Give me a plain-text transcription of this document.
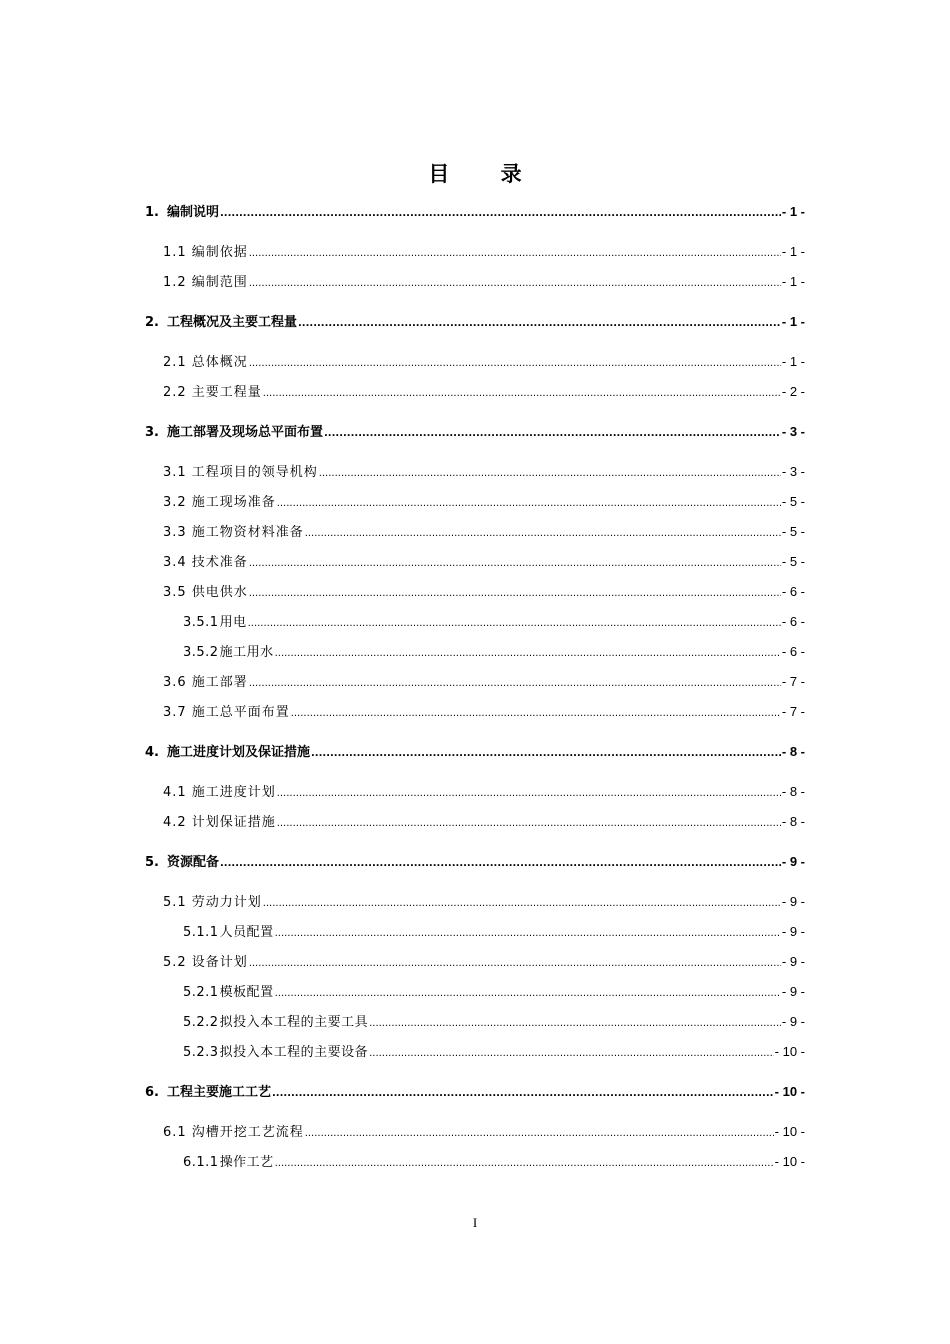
目 录
1. 编制说明 .....	- 1 -
1.1 编制依据 .....	- 1 -
1.2 编制范围 .....	- 1 -
2. 工程概况及主要工程量 .....	- 1 -
2.1 总体概况 .....	- 1 -
2.2 主要工程量 .....	- 2 -
3. 施工部署及现场总平面布置 .....	- 3 -
3.1 工程项目的领导机构 .....	- 3 -
3.2 施工现场准备 .....	- 5 -
3.3 施工物资材料准备 .....	- 5 -
3.4 技术准备 .....	- 5 -
3.5 供电供水 .....	- 6 -
3.5.1 用电 .....	- 6 -
3.5.2 施工用水 .....	- 6 -
3.6 施工部署 .....	- 7 -
3.7 施工总平面布置 .....	- 7 -
4. 施工进度计划及保证措施 .....	- 8 -
4.1 施工进度计划 .....	- 8 -
4.2 计划保证措施 .....	- 8 -
5. 资源配备 .....	- 9 -
5.1 劳动力计划 .....	- 9 -
5.1.1 人员配置 .....	- 9 -
5.2 设备计划 .....	- 9 -
5.2.1 模板配置 .....	- 9 -
5.2.2 拟投入本工程的主要工具 .....	- 9 -
5.2.3 拟投入本工程的主要设备 .....	- 10 -
6. 工程主要施工工艺 .....	- 10 -
6.1 沟槽开挖工艺流程 .....	- 10 -
6.1.1 操作工艺 .....	- 10 -
I
